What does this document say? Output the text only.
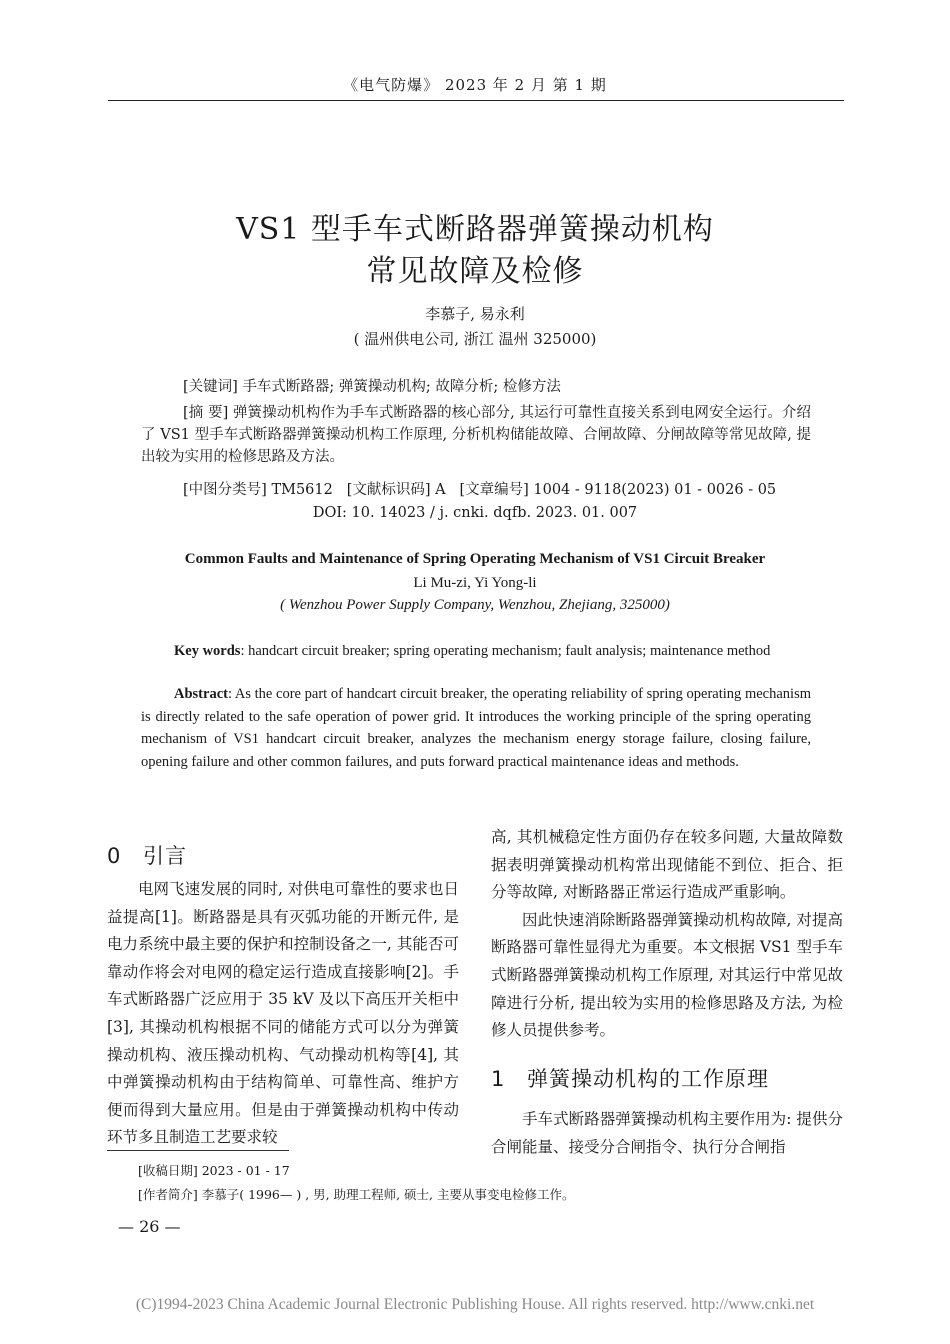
《电气防爆》 2023 年 2 月 第 1 期
VS1 型手车式断路器弹簧操动机构
常见故障及检修
李慕子, 易永利
( 温州供电公司, 浙江 温州 325000)
[关键词] 手车式断路器; 弹簧操动机构; 故障分析; 检修方法

[摘 要] 弹簧操动机构作为手车式断路器的核心部分, 其运行可靠性直接关系到电网安全运行。介绍了 VS1 型手车式断路器弹簧操动机构工作原理, 分析机构储能故障、合闸故障、分闸故障等常见故障, 提出较为实用的检修思路及方法。

[中图分类号] TM5612 [文献标识码] A [文章编号] 1004 - 9118(2023) 01 - 0026 - 05
DOI: 10. 14023 / j. cnki. dqfb. 2023. 01. 007
Common Faults and Maintenance of Spring Operating Mechanism of VS1 Circuit Breaker
Li Mu-zi, Yi Yong-li
( Wenzhou Power Supply Company, Wenzhou, Zhejiang, 325000)
Key words: handcart circuit breaker; spring operating mechanism; fault analysis; maintenance method
Abstract: As the core part of handcart circuit breaker, the operating reliability of spring operating mechanism is directly related to the safe operation of power grid. It introduces the working principle of the spring operating mechanism of VS1 handcart circuit breaker, analyzes the mechanism energy storage failure, closing failure, opening failure and other common failures, and puts forward practical maintenance ideas and methods.
0 引言

电网飞速发展的同时, 对供电可靠性的要求也日益提高[1]。断路器是具有灭弧功能的开断元件, 是电力系统中最主要的保护和控制设备之一, 其能否可靠动作将会对电网的稳定运行造成直接影响[2]。手车式断路器广泛应用于 35 kV 及以下高压开关柜中[3], 其操动机构根据不同的储能方式可以分为弹簧操动机构、液压操动机构、气动操动机构等[4], 其中弹簧操动机构由于结构简单、可靠性高、维护方便而得到大量应用。但是由于弹簧操动机构中传动环节多且制造工艺要求较

高, 其机械稳定性方面仍存在较多问题, 大量故障数据表明弹簧操动机构常出现储能不到位、拒合、拒分等故障, 对断路器正常运行造成严重影响。

因此快速消除断路器弹簧操动机构故障, 对提高断路器可靠性显得尤为重要。本文根据 VS1 型手车式断路器弹簧操动机构工作原理, 对其运行中常见故障进行分析, 提出较为实用的检修思路及方法, 为检修人员提供参考。

1 弹簧操动机构的工作原理

手车式断路器弹簧操动机构主要作用为: 提供分合闸能量、接受分合闸指令、执行分合闸指

[收稿日期] 2023 - 01 - 17
[作者简介] 李慕子( 1996— ) , 男, 助理工程师, 硕士, 主要从事变电检修工作。
— 26 —
(C)1994-2023 China Academic Journal Electronic Publishing House. All rights reserved. http://www.cnki.net
